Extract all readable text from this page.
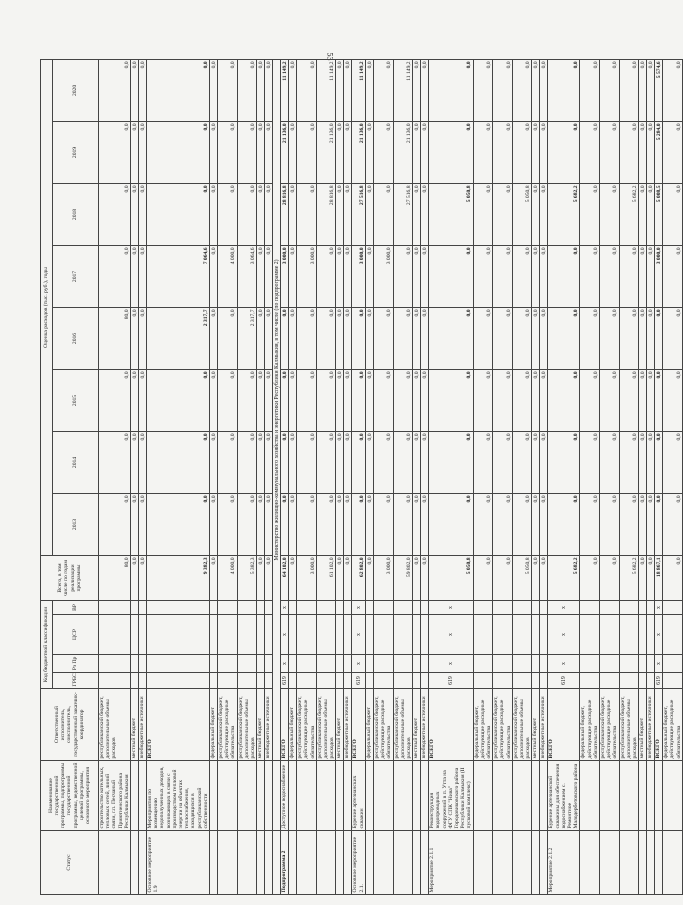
53
Статус	Наименование государственной программы, подпрограммы государственной программы, ведомственной целевой программы, основного мероприятия	Ответственный исполнитель, соисполнитель, государственный заказчик-координатор	Код бюджетной классификации				Всего, в том числе по годам реализации программы	Оценка расходов (тыс. руб.), годы							
			ГРБС	Рз Пр	ЦСР	ВР		2013	2014	2015	2016	2017	2018	2019	2020
	строительство котельных, тепловых сетей, линий связи, г.п. Песчаный Приютненского района Республики Калмыкия	республиканский бюджет, дополнительные объемы расходов					80,0	0,0	0,0	0,0	80,0	0,0	0,0	0,0	0,0
		местный бюджет					0,0	0,0	0,0	0,0	0,0	0,0	0,0	0,0	0,0
		внебюджетные источники					0,0	0,0	0,0	0,0	0,0	0,0	0,0	0,0	0,0
Основное мероприятие 1.9	Мероприятия по возмещению недополученных доходов, возникающих в связи с производством тепловой энергии на объектах теплоснабжения, находящихся в республиканской собственности	ВСЕГО					9 382,3	0,0	0,0	0,0	2 317,7	7 064,6	0,0	0,0	0,0
		федеральный бюджет					0,0	0,0	0,0	0,0	0,0	0,0	0,0	0,0	0,0
		республиканский бюджет, действующие расходные обязательства					4 000,0	0,0	0,0	0,0	0,0	4 000,0	0,0	0,0	0,0
		республиканский бюджет, дополнительные объемы расходов					5 382,3	0,0	0,0	0,0	2 317,7	3 064,6	0,0	0,0	0,0
		местный бюджет					0,0	0,0	0,0	0,0	0,0	0,0	0,0	0,0	0,0
		внебюджетные источники					0,0	0,0	0,0	0,0	0,0	0,0	0,0	0,0	0,0
		Министерство жилищно-коммунального хозяйства и энергетики Республики Калмыкия, в том числе (по подпрограмме 2)													
Подпрограмма 2	Доступное водоснабжение	ВСЕГО	619	x	x	x	64 102,0	0,0	0,0	0,0	0,0	3 000,0	28 816,8	21 136,0	11 149,2
		федеральный бюджет					0,0	0,0	0,0	0,0	0,0	0,0	0,0	0,0	0,0
		республиканский бюджет, действующие расходные обязательства					3 000,0	0,0	0,0	0,0	0,0	3 000,0	0,0	0,0	0,0
		республиканский бюджет, дополнительные объемы расходов					61 102,0	0,0	0,0	0,0	0,0	0,0	28 816,8	21 136,0	11 149,2
		местный бюджет					0,0	0,0	0,0	0,0	0,0	0,0	0,0	0,0	0,0
		внебюджетные источники					0,0	0,0	0,0	0,0	0,0	0,0	0,0	0,0	0,0
Основное мероприятие 2.1.	Бурение артезианских скважин	ВСЕГО	619	x	x	x	62 802,0	0,0	0,0	0,0	0,0	3 000,0	27 516,8	21 136,0	11 149,2
		федеральный бюджет					0,0	0,0	0,0	0,0	0,0	0,0	0,0	0,0	0,0
		республиканский бюджет, действующие расходные обязательства					3 000,0	0,0	0,0	0,0	0,0	3 000,0	0,0	0,0	0,0
		республиканский бюджет, дополнительные объемы расходов					59 802,0	0,0	0,0	0,0	0,0	0,0	27 516,8	21 136,0	11 149,2
		местный бюджет					0,0	0,0	0,0	0,0	0,0	0,0	0,0	0,0	0,0
		внебюджетные источники					0,0	0,0	0,0	0,0	0,0	0,0	0,0	0,0	0,0
Мероприятие 2.1.1	Реконструкция водопроводных сооружений в п. Утта на ФГУ СПК "Нива" Городовиковского района Республики Калмыкия (II пусковой комплекс)	ВСЕГО	619	x	x	x	5 050,8	0,0	0,0	0,0	0,0	0,0	5 050,8	0,0	0,0
		федеральный бюджет, действующие расходные обязательства					0,0	0,0	0,0	0,0	0,0	0,0	0,0	0,0	0,0
		республиканский бюджет, действующие расходные обязательства					0,0	0,0	0,0	0,0	0,0	0,0	0,0	0,0	0,0
		республиканский бюджет, дополнительные объемы расходов					5 050,8	0,0	0,0	0,0	0,0	0,0	5 050,8	0,0	0,0
		местный бюджет					0,0	0,0	0,0	0,0	0,0	0,0	0,0	0,0	0,0
		внебюджетные источники					0,0	0,0	0,0	0,0	0,0	0,0	0,0	0,0	0,0
Мероприятие 2.1.2	Бурение артезианской скважины для обеспечения водоснабжением с. Ремонтное Малодербетовского района	ВСЕГО	619	x	x	x	5 682,2	0,0	0,0	0,0	0,0	0,0	5 682,2	0,0	0,0
		федеральный бюджет, действующие расходные обязательства					0,0	0,0	0,0	0,0	0,0	0,0	0,0	0,0	0,0
		республиканский бюджет, действующие расходные обязательства					0,0	0,0	0,0	0,0	0,0	0,0	0,0	0,0	0,0
		республиканский бюджет, дополнительные объемы расходов					5 682,2	0,0	0,0	0,0	0,0	0,0	5 682,2	0,0	0,0
		местный бюджет					0,0	0,0	0,0	0,0	0,0	0,0	0,0	0,0	0,0
		внебюджетные источники					0,0	0,0	0,0	0,0	0,0	0,0	0,0	0,0	0,0
		ВСЕГО	619	x	x	x	18 867,1	0,0	0,0	0,0	0,0	3 000,0	5 008,5	5 284,0	5 574,6
		федеральный бюджет, действующие расходные обязательства					0,0	0,0	0,0	0,0	0,0	0,0	0,0	0,0	0,0
